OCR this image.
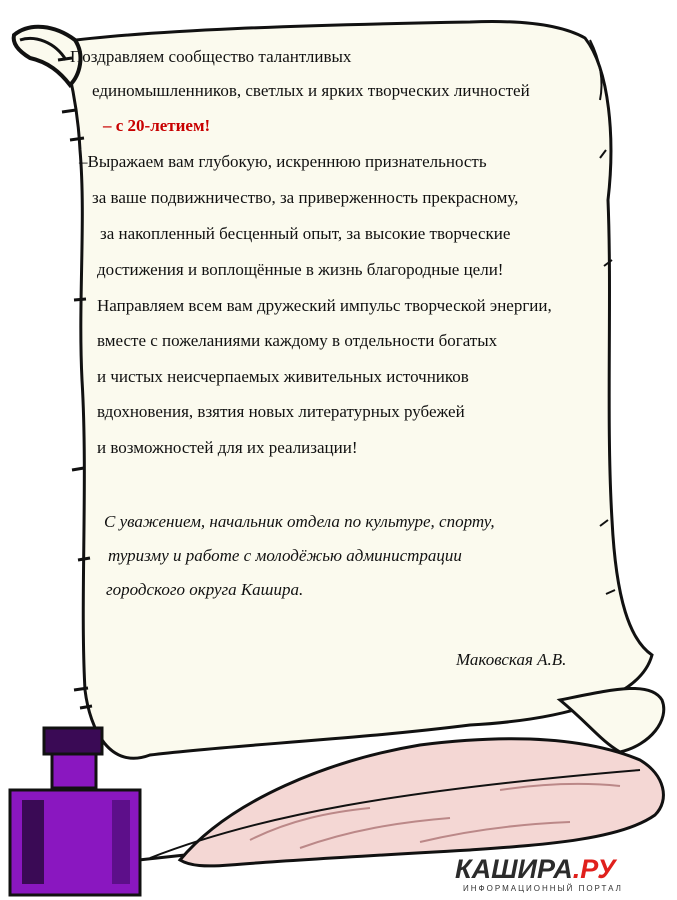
Поздравляем сообщество талантливых
единомышленников, светлых и ярких творческих личностей
– с 20-летием!
–Выражаем вам глубокую, искреннюю признательность
за ваше подвижничество, за приверженность прекрасному,
за накопленный бесценный опыт, за высокие творческие
достижения и воплощённые в жизнь благородные цели!
Направляем всем вам дружеский импульс творческой энергии,
вместе с пожеланиями каждому в отдельности богатых
и чистых неисчерпаемых живительных источников
вдохновения, взятия новых литературных рубежей
и возможностей для их реализации!
С уважением, начальник отдела по культуре, спорту,
туризму и работе с молодёжью администрации
городского округа Кашира.
Маковская А.В.
КАШИРА.РУ
ИНФОРМАЦИОННЫЙ ПОРТАЛ
